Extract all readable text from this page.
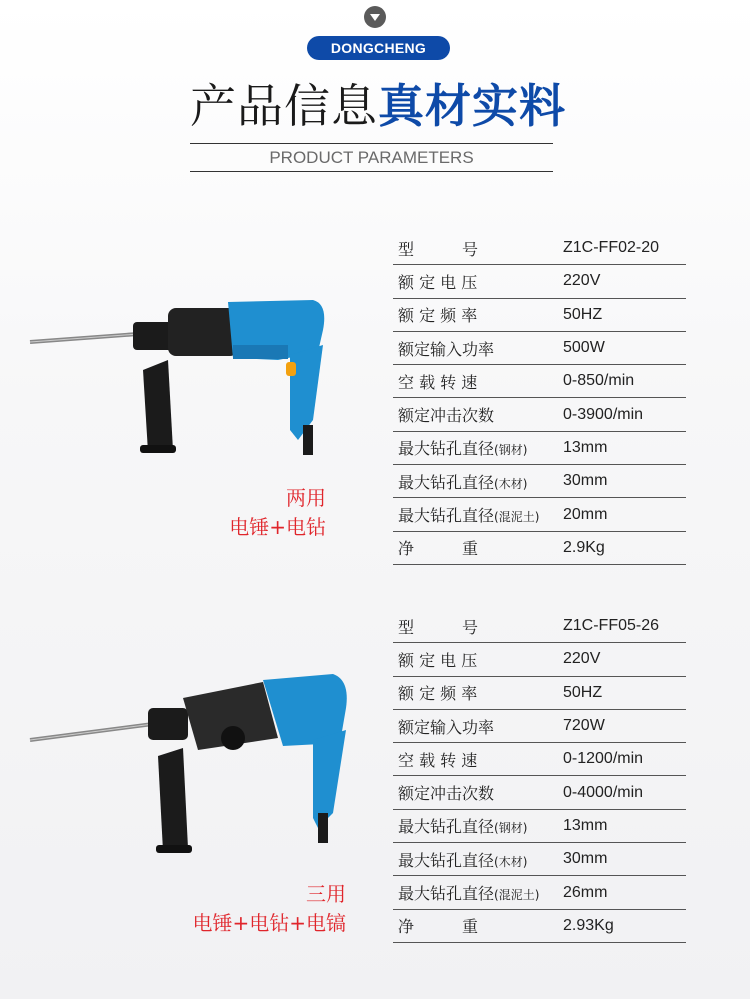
DONGCHENG
产品信息真材实料
PRODUCT PARAMETERS
两用
电锤+电钻
型　　　号	Z1C-FF02-20
额 定 电 压	220V
额 定 频 率	50HZ
额定输入功率	500W
空 载 转 速	0-850/min
额定冲击次数	0-3900/min
最大钻孔直径(钢材)	13mm
最大钻孔直径(木材)	30mm
最大钻孔直径(混泥土)	20mm
净　　　重	2.9Kg
三用
电锤+电钻+电镐
型　　　号	Z1C-FF05-26
额 定 电 压	220V
额 定 频 率	50HZ
额定输入功率	720W
空 载 转 速	0-1200/min
额定冲击次数	0-4000/min
最大钻孔直径(钢材)	13mm
最大钻孔直径(木材)	30mm
最大钻孔直径(混泥土)	26mm
净　　　重	2.93Kg
